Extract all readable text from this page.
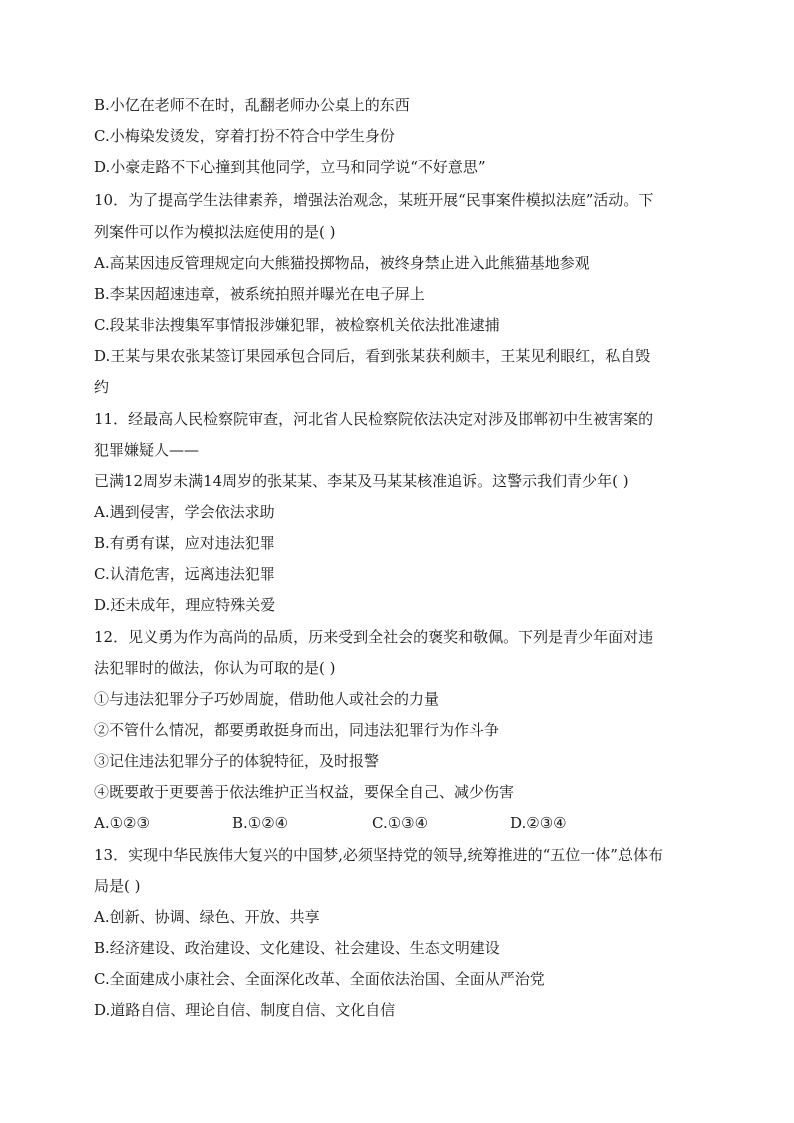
B.小亿在老师不在时，乱翻老师办公桌上的东西
C.小梅染发烫发，穿着打扮不符合中学生身份
D.小豪走路不下心撞到其他同学，立马和同学说“不好意思”
10．为了提高学生法律素养，增强法治观念，某班开展“民事案件模拟法庭”活动。下
列案件可以作为模拟法庭使用的是( )
A.高某因违反管理规定向大熊猫投掷物品，被终身禁止进入此熊猫基地参观
B.李某因超速违章，被系统拍照并曝光在电子屏上
C.段某非法搜集军事情报涉嫌犯罪，被检察机关依法批准逮捕
D.王某与果农张某签订果园承包合同后，看到张某获利颇丰，王某见利眼红，私自毁
约
11．经最高人民检察院审查，河北省人民检察院依法决定对涉及邯郸初中生被害案的
犯罪嫌疑人——
已满12周岁未满14周岁的张某某、李某及马某某核准追诉。这警示我们青少年( )
A.遇到侵害，学会依法求助
B.有勇有谋，应对违法犯罪
C.认清危害，远离违法犯罪
D.还未成年，理应特殊关爱
12．见义勇为作为高尚的品质，历来受到全社会的褒奖和敬佩。下列是青少年面对违
法犯罪时的做法，你认为可取的是( )
①与违法犯罪分子巧妙周旋，借助他人或社会的力量
②不管什么情况，都要勇敢挺身而出，同违法犯罪行为作斗争
③记住违法犯罪分子的体貌特征，及时报警
④既要敢于更要善于依法维护正当权益，要保全自己、减少伤害
A.①②③	B.①②④	C.①③④	D.②③④
13．实现中华民族伟大复兴的中国梦,必须坚持党的领导,统筹推进的“五位一体”总体布
局是( )
A.创新、协调、绿色、开放、共享
B.经济建设、政治建设、文化建设、社会建设、生态文明建设
C.全面建成小康社会、全面深化改革、全面依法治国、全面从严治党
D.道路自信、理论自信、制度自信、文化自信
